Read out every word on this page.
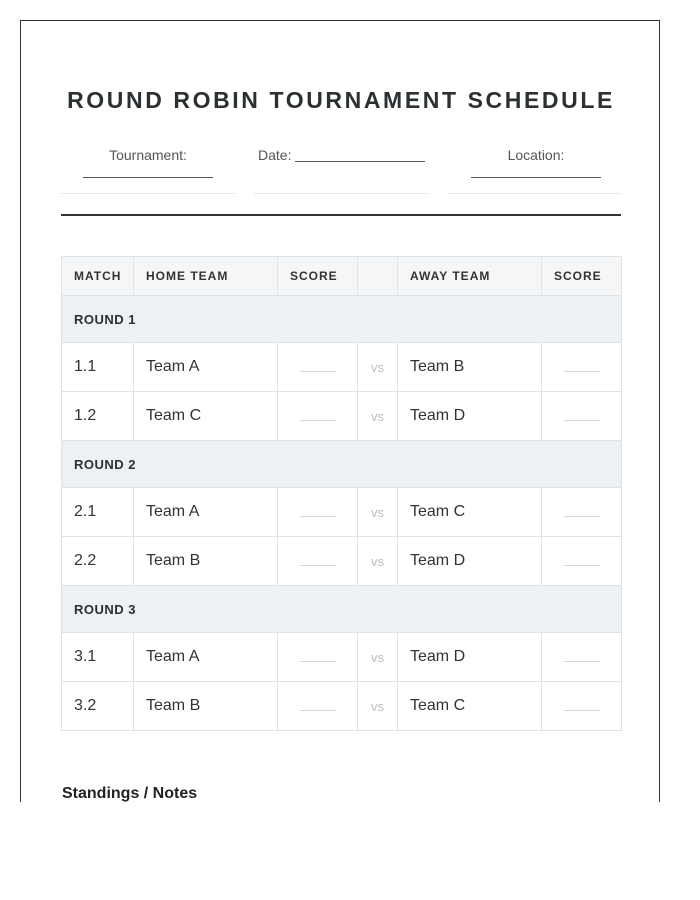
ROUND ROBIN TOURNAMENT SCHEDULE
Tournament:	Date:	Location:
MATCH	HOME TEAM	SCORE		AWAY TEAM	SCORE
ROUND 1					
1.1	Team A		vs	Team B	

1.2	Team C		vs	Team D	

ROUND 2					
2.1	Team A		vs	Team C	

2.2	Team B		vs	Team D	

ROUND 3					
3.1	Team A		vs	Team D	

3.2	Team B		vs	Team C	
Standings / Notes
